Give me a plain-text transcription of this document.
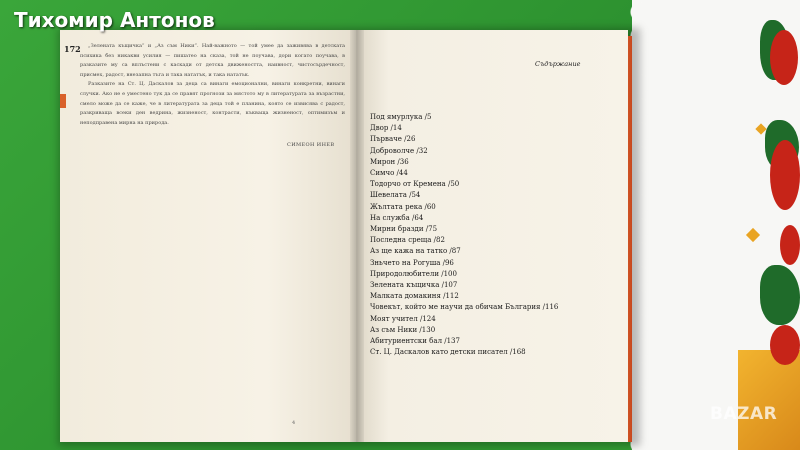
172	„Зелената къщичка“ и „Аз съм Ники“. Най-важното — той умее да заживява в детската психика без никакви усилия — пишатео на сказа, той не поучава, дори когато поучава, в разказите му са вплъстени с каскади от детска движеността, наивност, чистосърдечност, присмех, радост, внезапна тъга и така нататък, и така нататък.

Разказите на Ст. Ц. Даскалов за деца са винаги емоционални, винаги конкретни, винаги случки. Ако не е уместено тук да се правят прогнози за мястото му в литературата за възрастни, смело може да се каже, че в литературата за деца той е планина, която се извисява с радост, разкриваща всеки ден ведрина, жизненост, контрасти, къкваща жизненост, оптимизъм и неподправена мирна на природа.

СИМЕОН ИНЕВ
4
Съдържание
Под ямурлука /5
Двор /14
Първаче /26
Доброволче /32
Мирон /36
Симчо /44
Тодорчо от Кремена /50
Шевелата /54
Жълтата река /60
На служба /64
Мирни бразди /75
Последна среща /82
Аз ще кажа на татко /87
Зньчето на Рогуша /96
Природолюбители /100
Зелената къщичка /107
Малката домакиня /112
Човекът, който ме научи да обичам България /116
Моят учител /124
Аз съм Ники /130
Абитуриентски бал /137
Ст. Ц. Даскалов като детски писател /168
Тихомир Антонов
BAZAR
